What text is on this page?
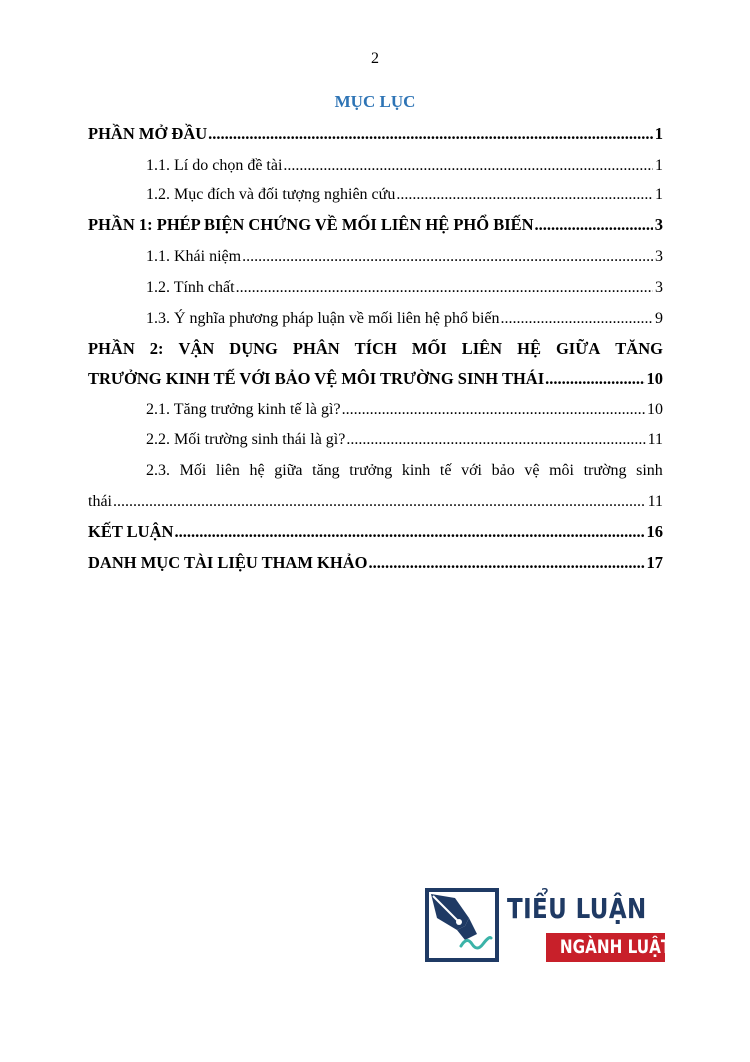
2
MỤC LỤC
PHẦN MỞ ĐẦU .....	1
1.1. Lí do chọn đề tài .....	1
1.2. Mục đích và đối tượng nghiên cứu .....	1
PHẦN 1: PHÉP BIỆN CHỨNG VỀ MỐI LIÊN HỆ PHỔ BIẾN .....	3
1.1. Khái niệm .....	3
1.2. Tính chất .....	3
1.3. Ý nghĩa phương pháp luận về mối liên hệ phổ biến .....	9
PHẦN 2: VẬN DỤNG PHÂN TÍCH MỐI LIÊN HỆ GIỮA TĂNG
TRƯỞNG KINH TẾ VỚI BẢO VỆ MÔI TRƯỜNG SINH THÁI .....	10
2.1. Tăng trưởng kinh tế là gì? .....	10
2.2. Mối trường sinh thái là gì? .....	11
2.3. Mối liên hệ giữa tăng trưởng kinh tế với bảo vệ môi trường sinh
thái .....	11
KẾT LUẬN .....	16
DANH MỤC TÀI LIỆU THAM KHẢO .....	17
TIỂU LUẬN
NGÀNH LUẬT
